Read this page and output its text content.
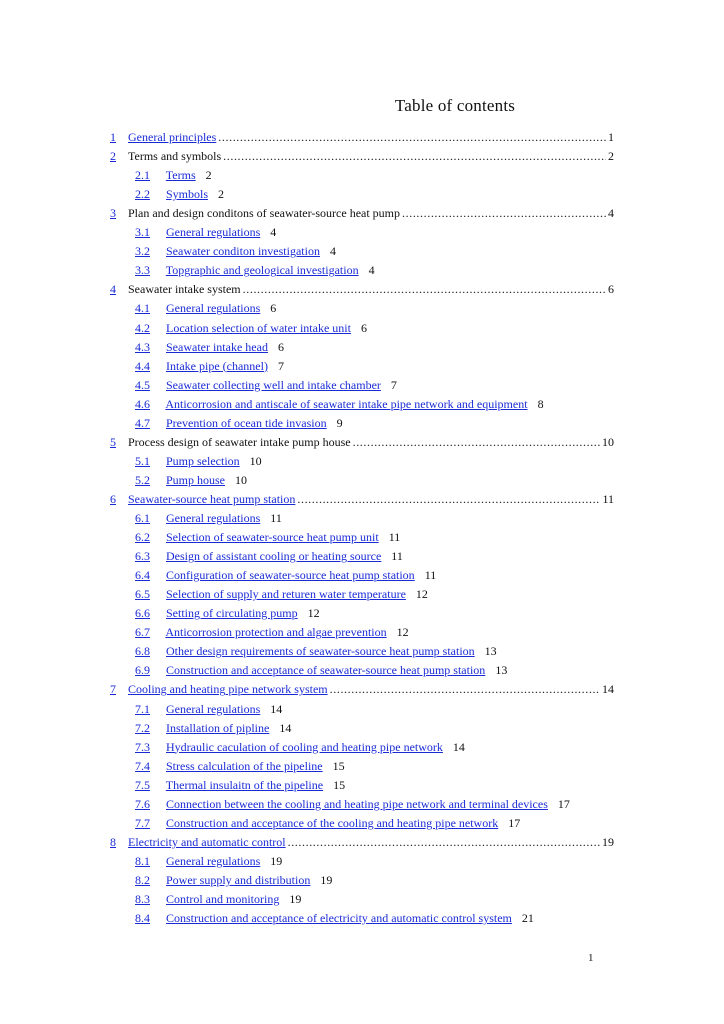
Table of contents
1	General principles .....	1
2	Terms and symbols .....	2
2.1 Terms 2
2.2 Symbols 2
3	Plan and design conditons of seawater-source heat pump .....	4
3.1 General regulations 4
3.2 Seawater conditon investigation 4
3.3 Topgraphic and geological investigation 4
4	Seawater intake system .....	6
4.1 General regulations 6
4.2 Location selection of water intake unit 6
4.3 Seawater intake head 6
4.4 Intake pipe (channel) 7
4.5 Seawater collecting well and intake chamber 7
4.6 Anticorrosion and antiscale of seawater intake pipe network and equipment 8
4.7 Prevention of ocean tide invasion 9
5	Process design of seawater intake pump house .....	10
5.1 Pump selection 10
5.2 Pump house 10
6	Seawater-source heat pump station .....	11
6.1 General regulations 11
6.2 Selection of seawater-source heat pump unit 11
6.3 Design of assistant cooling or heating source 11
6.4 Configuration of seawater-source heat pump station 11
6.5 Selection of supply and returen water temperature 12
6.6 Setting of circulating pump 12
6.7 Anticorrosion protection and algae prevention 12
6.8 Other design requirements of seawater-source heat pump station 13
6.9 Construction and acceptance of seawater-source heat pump station 13
7	Cooling and heating pipe network system .....	14
7.1 General regulations 14
7.2 Installation of pipline 14
7.3 Hydraulic caculation of cooling and heating pipe network 14
7.4 Stress calculation of the pipeline 15
7.5 Thermal insulaitn of the pipeline 15
7.6 Connection between the cooling and heating pipe network and terminal devices 17
7.7 Construction and acceptance of the cooling and heating pipe network 17
8	Electricity and automatic control .....	19
8.1 General regulations 19
8.2 Power supply and distribution 19
8.3 Control and monitoring 19
8.4 Construction and acceptance of electricity and automatic control system 21
1
